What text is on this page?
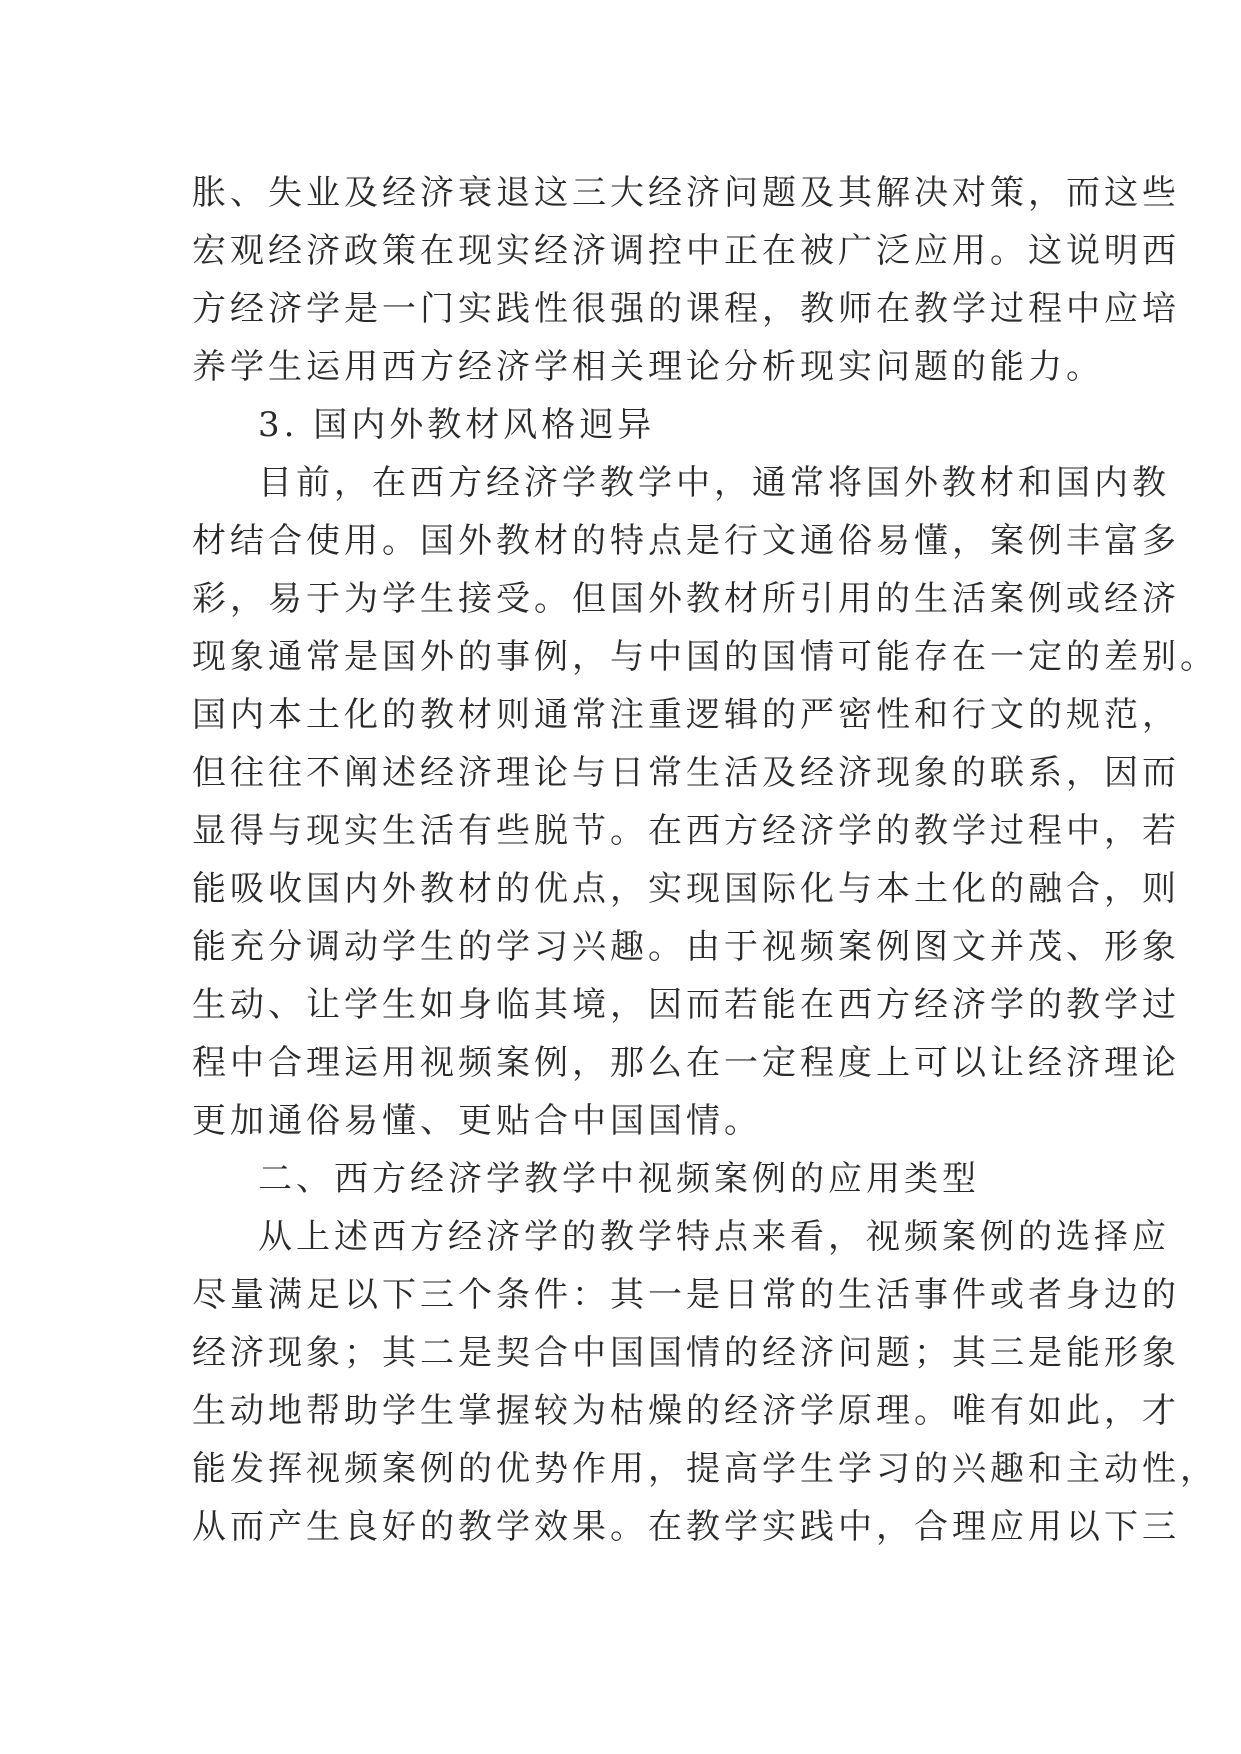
胀、失业及经济衰退这三大经济问题及其解决对策，而这些
宏观经济政策在现实经济调控中正在被广泛应用。这说明西
方经济学是一门实践性很强的课程，教师在教学过程中应培
养学生运用西方经济学相关理论分析现实问题的能力。
3. 国内外教材风格迥异
目前，在西方经济学教学中，通常将国外教材和国内教
材结合使用。国外教材的特点是行文通俗易懂，案例丰富多
彩，易于为学生接受。但国外教材所引用的生活案例或经济
现象通常是国外的事例，与中国的国情可能存在一定的差别。
国内本土化的教材则通常注重逻辑的严密性和行文的规范，
但往往不阐述经济理论与日常生活及经济现象的联系，因而
显得与现实生活有些脱节。在西方经济学的教学过程中，若
能吸收国内外教材的优点，实现国际化与本土化的融合，则
能充分调动学生的学习兴趣。由于视频案例图文并茂、形象
生动、让学生如身临其境，因而若能在西方经济学的教学过
程中合理运用视频案例，那么在一定程度上可以让经济理论
更加通俗易懂、更贴合中国国情。
二、西方经济学教学中视频案例的应用类型
从上述西方经济学的教学特点来看，视频案例的选择应
尽量满足以下三个条件：其一是日常的生活事件或者身边的
经济现象；其二是契合中国国情的经济问题；其三是能形象
生动地帮助学生掌握较为枯燥的经济学原理。唯有如此，才
能发挥视频案例的优势作用，提高学生学习的兴趣和主动性，
从而产生良好的教学效果。在教学实践中，合理应用以下三
